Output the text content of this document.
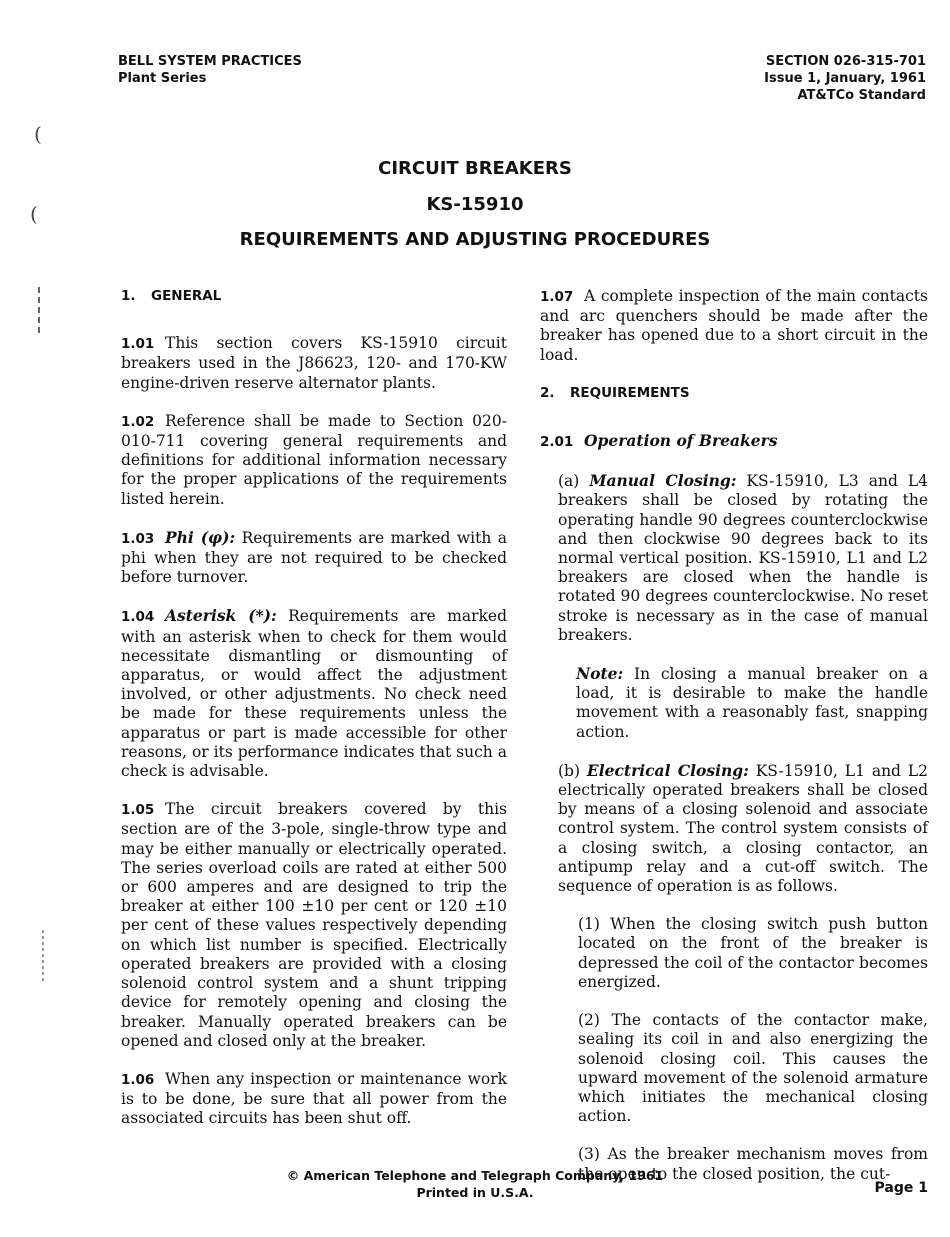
BELL SYSTEM PRACTICES
Plant Series
SECTION 026-315-701
Issue 1, January, 1961
AT&TCo Standard
(
(
CIRCUIT BREAKERS
KS-15910
REQUIREMENTS AND ADJUSTING PROCEDURES
1. GENERAL

1.01 This section covers KS-15910 circuit breakers used in the J86623, 120- and 170-KW engine-driven reserve alternator plants.

1.02 Reference shall be made to Section 020-010-711 covering general requirements and definitions for additional information necessary for the proper applications of the requirements listed herein.

1.03 Phi (φ): Requirements are marked with a phi when they are not required to be checked before turnover.

1.04 Asterisk (*): Requirements are marked with an asterisk when to check for them would necessitate dismantling or dismounting of apparatus, or would affect the adjustment involved, or other adjustments. No check need be made for these requirements unless the apparatus or part is made accessible for other reasons, or its performance indicates that such a check is advisable.

1.05 The circuit breakers covered by this section are of the 3-pole, single-throw type and may be either manually or electrically operated. The series overload coils are rated at either 500 or 600 amperes and are designed to trip the breaker at either 100 ±10 per cent or 120 ±10 per cent of these values respectively depending on which list number is specified. Electrically operated breakers are provided with a closing solenoid control system and a shunt tripping device for remotely opening and closing the breaker. Manually operated breakers can be opened and closed only at the breaker.

1.06 When any inspection or maintenance work is to be done, be sure that all power from the associated circuits has been shut off.

1.07 A complete inspection of the main contacts and arc quenchers should be made after the breaker has opened due to a short circuit in the load.

2. REQUIREMENTS

2.01 Operation of Breakers

(a) Manual Closing: KS-15910, L3 and L4 breakers shall be closed by rotating the operating handle 90 degrees counterclockwise and then clockwise 90 degrees back to its normal vertical position. KS-15910, L1 and L2 breakers are closed when the handle is rotated 90 degrees counterclockwise. No reset stroke is necessary as in the case of manual breakers.

Note: In closing a manual breaker on a load, it is desirable to make the handle movement with a reasonably fast, snapping action.

(b) Electrical Closing: KS-15910, L1 and L2 electrically operated breakers shall be closed by means of a closing solenoid and associate control system. The control system consists of a closing switch, a closing contactor, an antipump relay and a cut-off switch. The sequence of operation is as follows.

(1) When the closing switch push button located on the front of the breaker is depressed the coil of the contactor becomes energized.

(2) The contacts of the contactor make, sealing its coil in and also energizing the solenoid closing coil. This causes the upward movement of the solenoid armature which initiates the mechanical closing action.

(3) As the breaker mechanism moves from the open to the closed position, the cut-

© American Telephone and Telegraph Company, 1961
Printed in U.S.A.	Page 1
